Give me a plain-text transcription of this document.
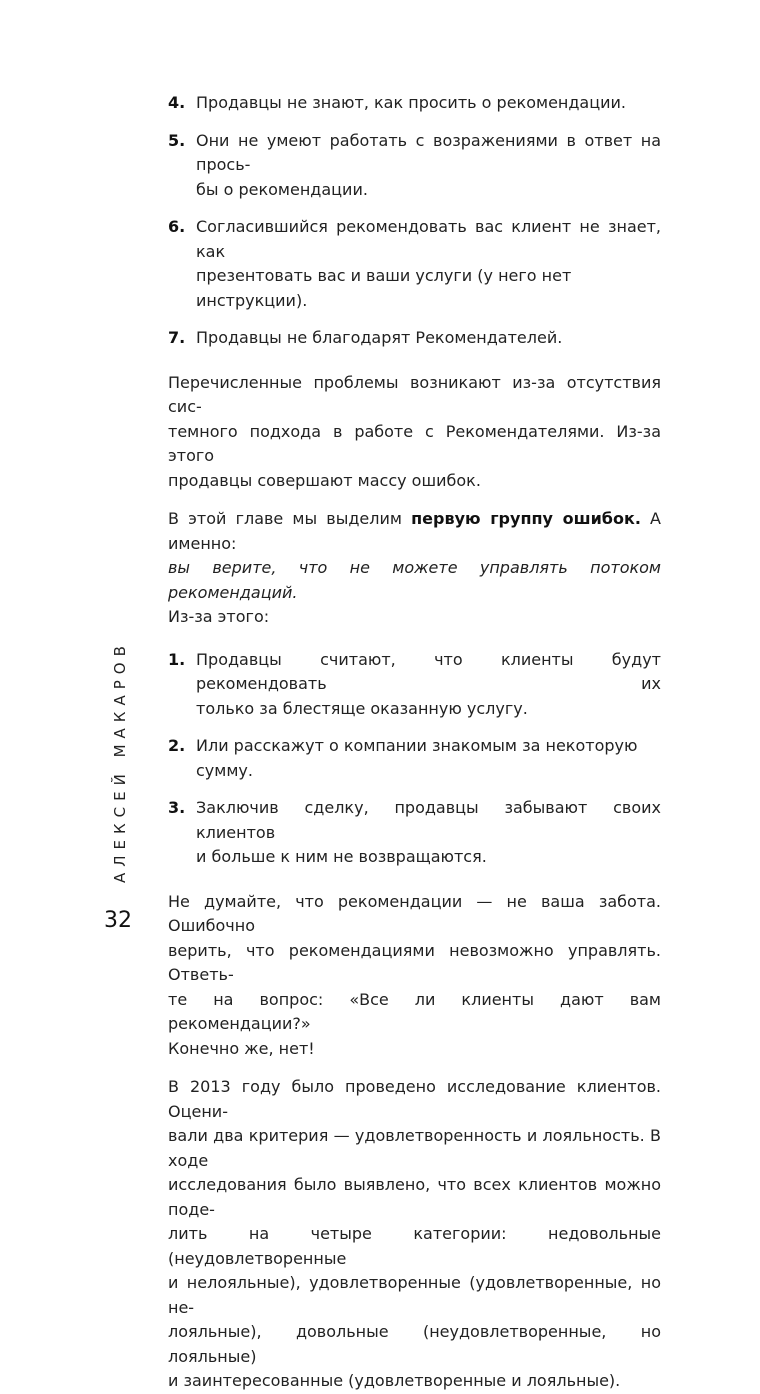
4. Продавцы не знают, как просить о рекомендации.

5. Они не умеют работать с возражениями в ответ на прось-
бы о рекомендации.
6. Согласившийся рекомендовать вас клиент не знает, как
презентовать вас и ваши услуги (у него нет инструкции).
7. Продавцы не благодарят Рекомендателей.

Перечисленные проблемы возникают из-за отсутствия сис-
темного подхода в работе с Рекомендателями. Из-за этого
продавцы совершают массу ошибок.
В этой главе мы выделим первую группу ошибок. А именно:
вы верите, что не можете управлять потоком рекомендаций.
Из-за этого:
1. Продавцы считают, что клиенты будут рекомендовать их
только за блестяще оказанную услугу.
2. Или расскажут о компании знакомым за некоторую сумму.

3. Заключив сделку, продавцы забывают своих клиентов
и больше к ним не возвращаются.
Не думайте, что рекомендации — не ваша забота. Ошибочно
верить, что рекомендациями невозможно управлять. Ответь-
те на вопрос: «Все ли клиенты дают вам рекомендации?»
Конечно же, нет!
В 2013 году было проведено исследование клиентов. Оцени-
вали два критерия — удовлетворенность и лояльность. В ходе
исследования было выявлено, что всех клиентов можно поде-
лить на четыре категории: недовольные (неудовлетворенные
и нелояльные), удовлетворенные (удовлетворенные, но не-
лояльные), довольные (неудовлетворенные, но лояльные)
и заинтересованные (удовлетворенные и лояльные).
АЛЕКСЕЙ МАКАРОВ
32
